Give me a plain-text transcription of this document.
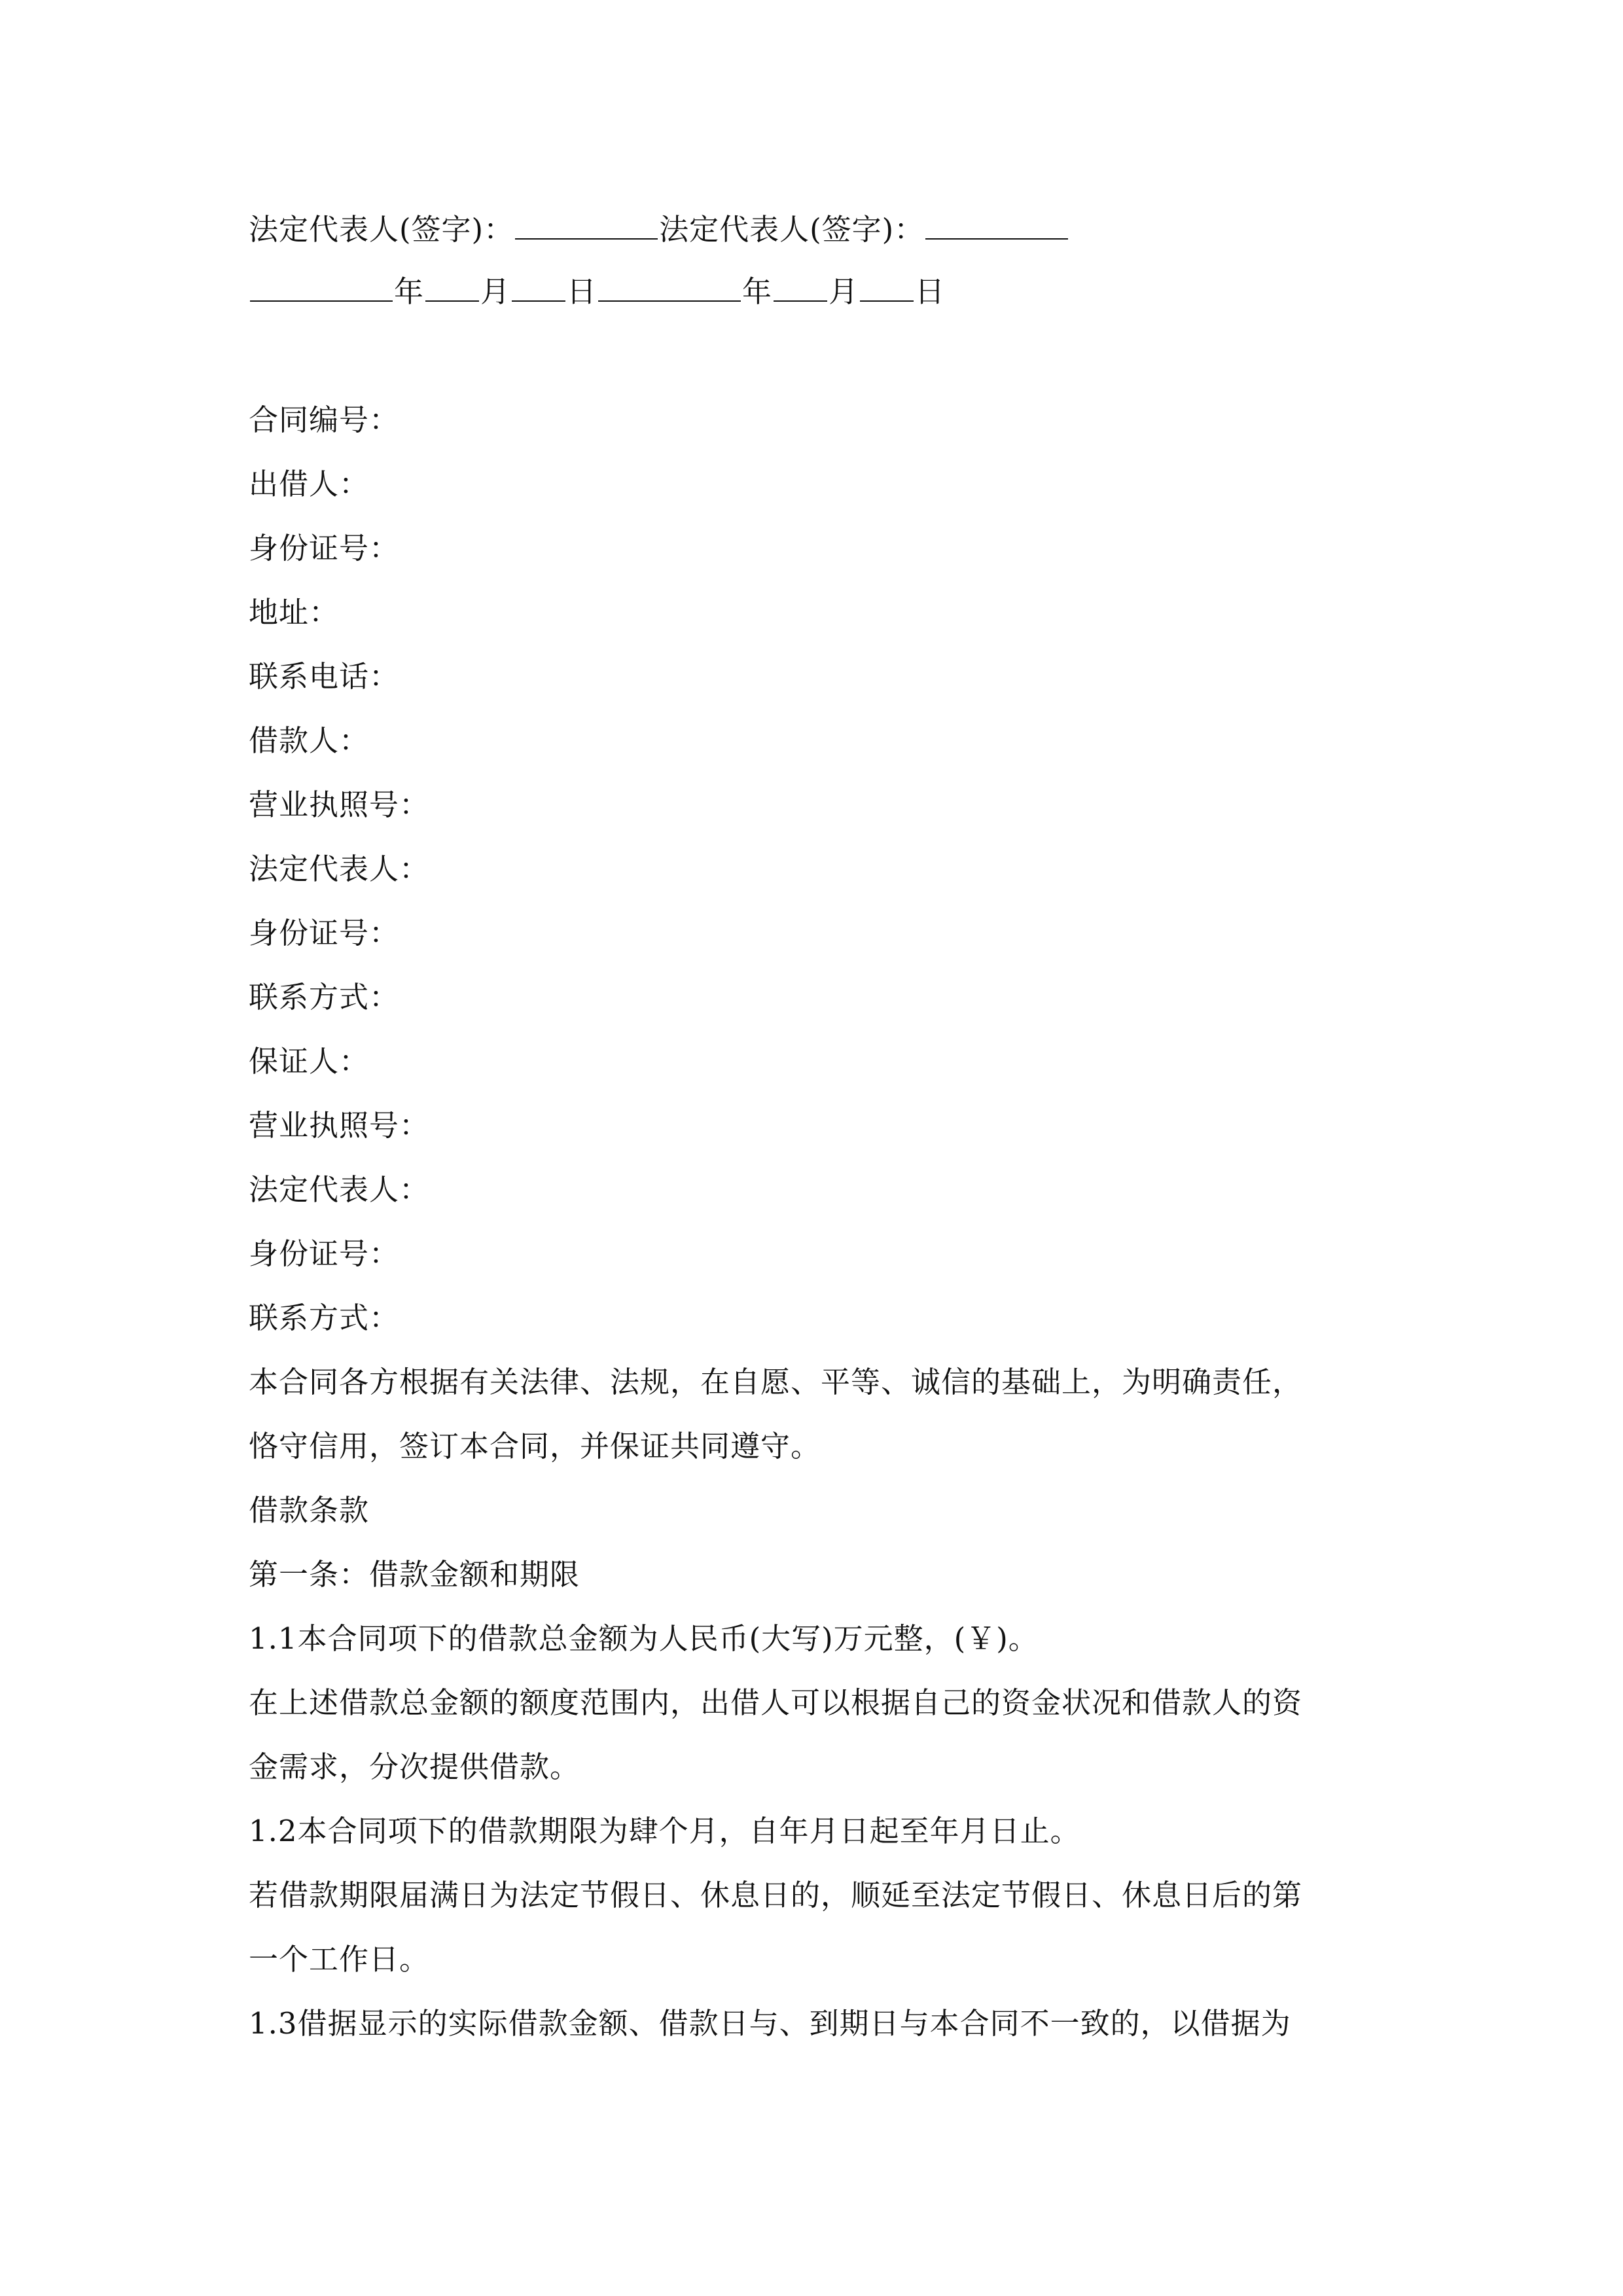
法定代表人(签字)：	法定代表人(签字)：
年 月 日	年 月 日
合同编号：
出借人：
身份证号：
地址：
联系电话：
借款人：
营业执照号：
法定代表人：
身份证号：
联系方式：
保证人：
营业执照号：
法定代表人：
身份证号：
联系方式：
本合同各方根据有关法律、法规，在自愿、平等、诚信的基础上，为明确责任，
恪守信用，签订本合同，并保证共同遵守。
借款条款
第一条：借款金额和期限
1.1本合同项下的借款总金额为人民币(大写)万元整，(￥)。
在上述借款总金额的额度范围内，出借人可以根据自己的资金状况和借款人的资
金需求，分次提供借款。
1.2本合同项下的借款期限为肆个月，自年月日起至年月日止。
若借款期限届满日为法定节假日、休息日的，顺延至法定节假日、休息日后的第
一个工作日。
1.3借据显示的实际借款金额、借款日与、到期日与本合同不一致的，以借据为
